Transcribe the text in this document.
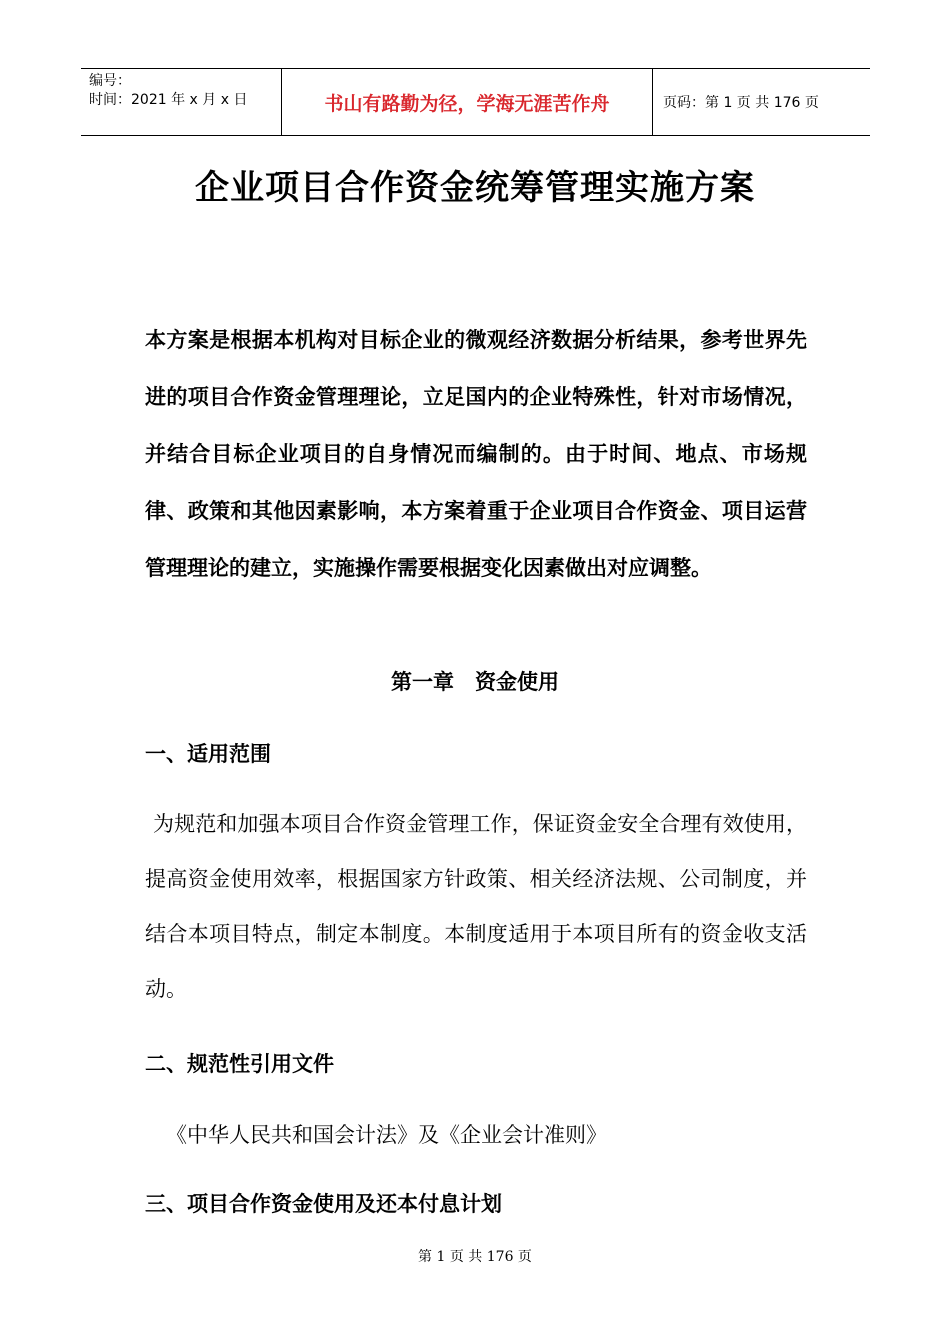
编号：
时间：2021 年 x 月 x 日	书山有路勤为径，学海无涯苦作舟	页码：第 1 页 共 176 页
企业项目合作资金统筹管理实施方案

本方案是根据本机构对目标企业的微观经济数据分析结果，参考世界先进的项目合作资金管理理论，立足国内的企业特殊性，针对市场情况，并结合目标企业项目的自身情况而编制的。由于时间、地点、市场规律、政策和其他因素影响，本方案着重于企业项目合作资金、项目运营管理理论的建立，实施操作需要根据变化因素做出对应调整。

第一章　资金使用
一、适用范围

为规范和加强本项目合作资金管理工作，保证资金安全合理有效使用，提高资金使用效率，根据国家方针政策、相关经济法规、公司制度，并结合本项目特点，制定本制度。本制度适用于本项目所有的资金收支活动。

二、规范性引用文件

《中华人民共和国会计法》及《企业会计准则》

三、项目合作资金使用及还本付息计划
第 1 页 共 176 页
